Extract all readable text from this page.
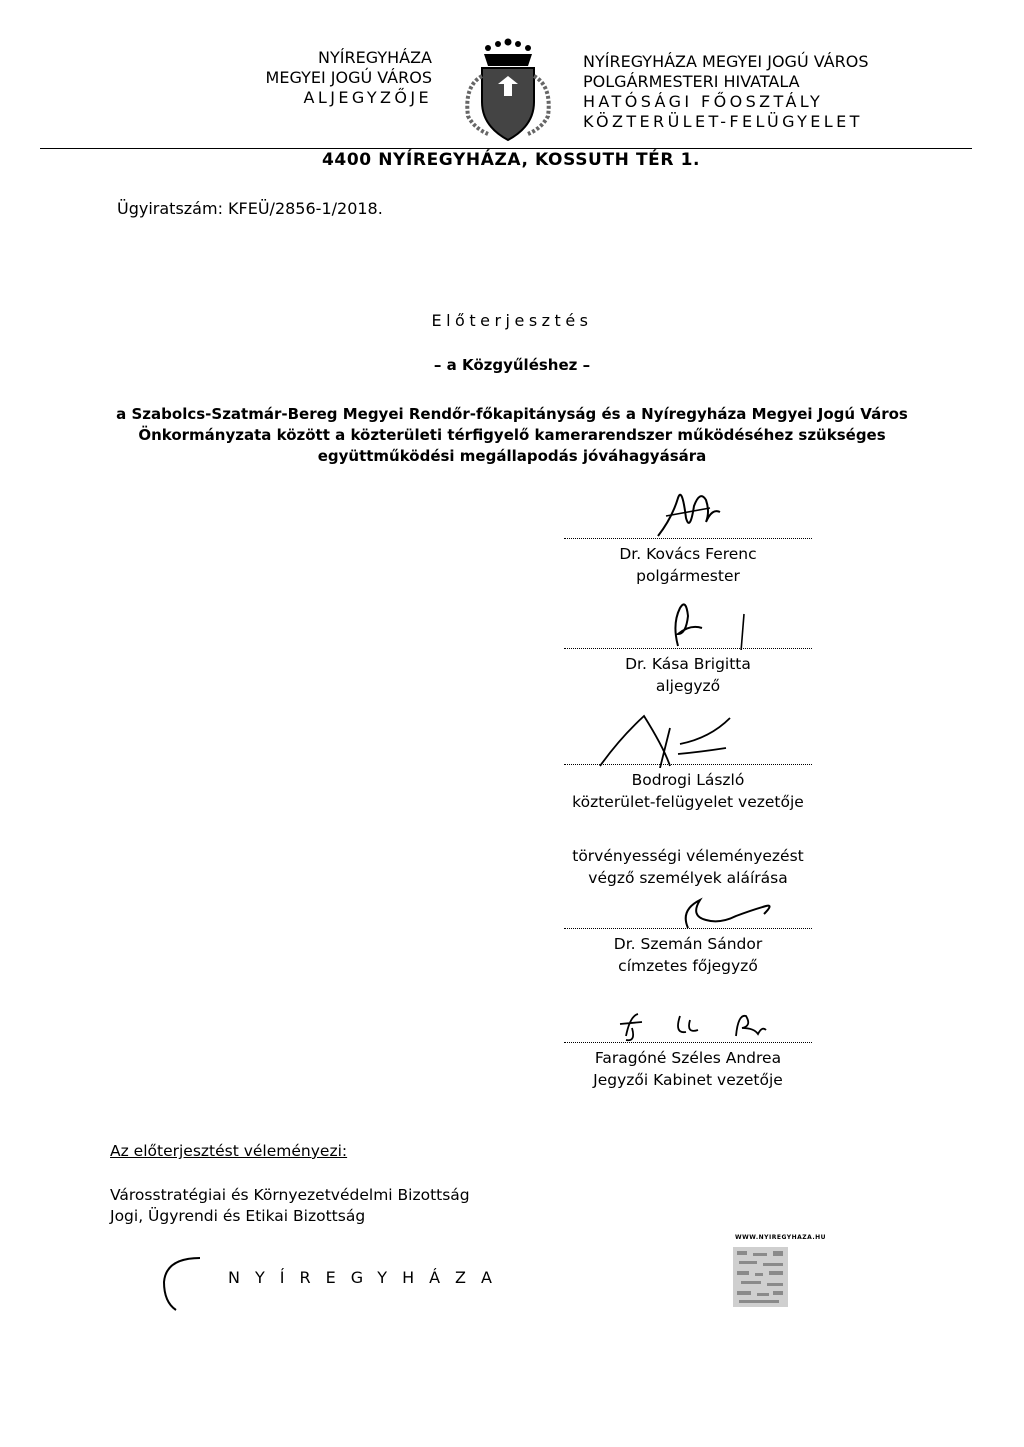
NYÍREGYHÁZA
MEGYEI JOGÚ VÁROS
ALJEGYZŐJE
NYÍREGYHÁZA MEGYEI JOGÚ VÁROS
POLGÁRMESTERI HIVATALA
HATÓSÁGI FŐOSZTÁLY
KÖZTERÜLET-FELÜGYELET
4400 NYÍREGYHÁZA, KOSSUTH TÉR 1.
Ügyiratszám: KFEÜ/2856-1/2018.
Előterjesztés
– a Közgyűléshez –
a Szabolcs-Szatmár-Bereg Megyei Rendőr-főkapitányság és a Nyíregyháza Megyei Jogú Város
Önkormányzata között a közterületi térfigyelő kamerarendszer működéséhez szükséges
együttműködési megállapodás jóváhagyására
Dr. Kovács Ferenc
polgármester
Dr. Kása Brigitta
aljegyző
Bodrogi László
közterület-felügyelet vezetője
törvényességi véleményezést
végző személyek aláírása
Dr. Szemán Sándor
címzetes főjegyző
Faragóné Széles Andrea
Jegyzői Kabinet vezetője
Az előterjesztést véleményezi:
Városstratégiai és Környezetvédelmi Bizottság
Jogi, Ügyrendi és Etikai Bizottság
NYÍREGYHÁZA
WWW.NYIREGYHAZA.HU
